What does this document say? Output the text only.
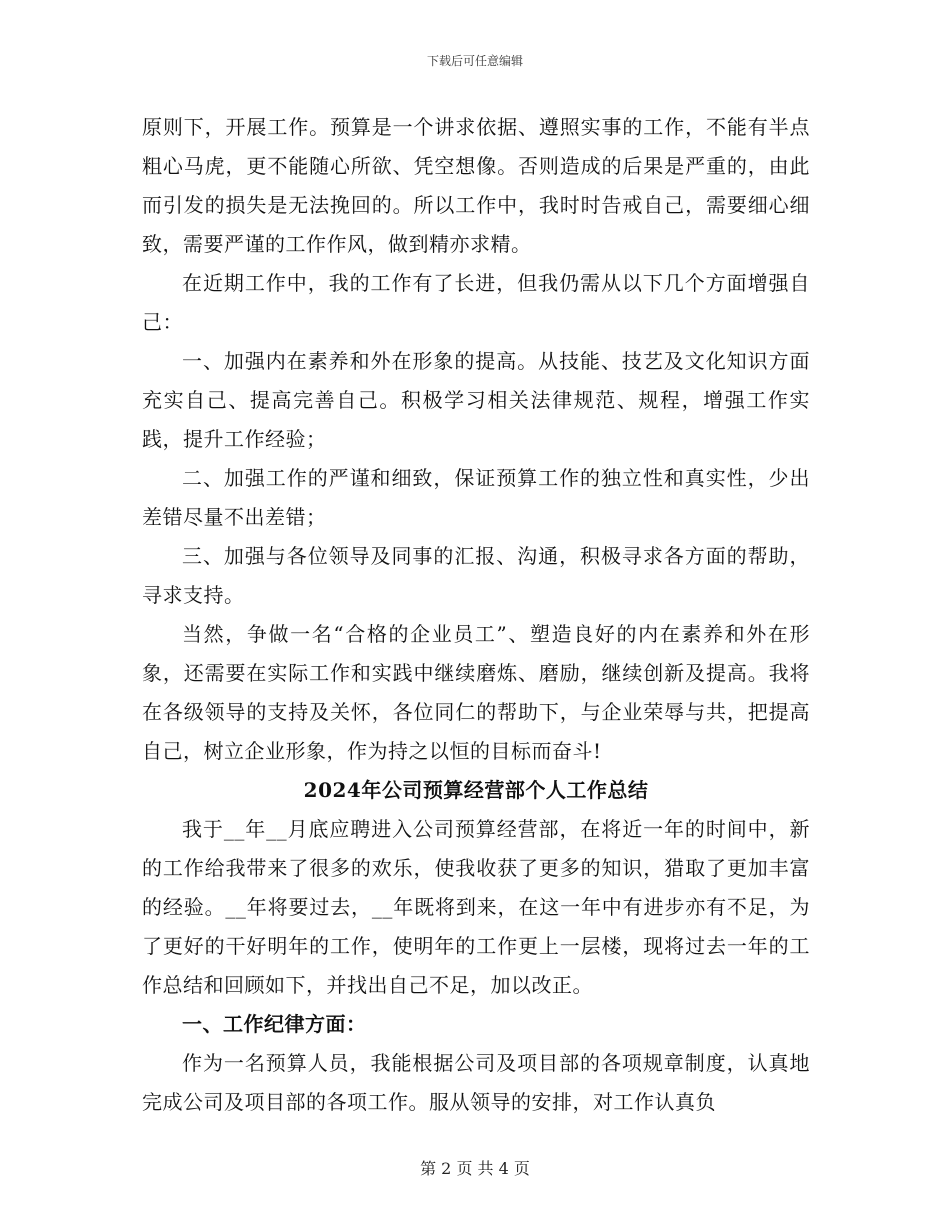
下载后可任意编辑

原则下，开展工作。预算是一个讲求依据、遵照实事的工作，不能有半点粗心马虎，更不能随心所欲、凭空想像。否则造成的后果是严重的，由此而引发的损失是无法挽回的。所以工作中，我时时告戒自己，需要细心细致，需要严谨的工作作风，做到精亦求精。

在近期工作中，我的工作有了长进，但我仍需从以下几个方面增强自己：

一、加强内在素养和外在形象的提高。从技能、技艺及文化知识方面充实自己、提高完善自己。积极学习相关法律规范、规程，增强工作实践，提升工作经验；

二、加强工作的严谨和细致，保证预算工作的独立性和真实性，少出差错尽量不出差错；

三、加强与各位领导及同事的汇报、沟通，积极寻求各方面的帮助，寻求支持。

当然，争做一名“合格的企业员工”、塑造良好的内在素养和外在形象，还需要在实际工作和实践中继续磨炼、磨励，继续创新及提高。我将在各级领导的支持及关怀，各位同仁的帮助下，与企业荣辱与共，把提高自己，树立企业形象，作为持之以恒的目标而奋斗!

2024年公司预算经营部个人工作总结

我于__年__月底应聘进入公司预算经营部，在将近一年的时间中，新的工作给我带来了很多的欢乐，使我收获了更多的知识，猎取了更加丰富的经验。__年将要过去，__年既将到来，在这一年中有进步亦有不足，为了更好的干好明年的工作，使明年的工作更上一层楼，现将过去一年的工作总结和回顾如下，并找出自己不足，加以改正。

一、工作纪律方面：

作为一名预算人员，我能根据公司及项目部的各项规章制度，认真地完成公司及项目部的各项工作。服从领导的安排，对工作认真负

第 2 页 共 4 页
